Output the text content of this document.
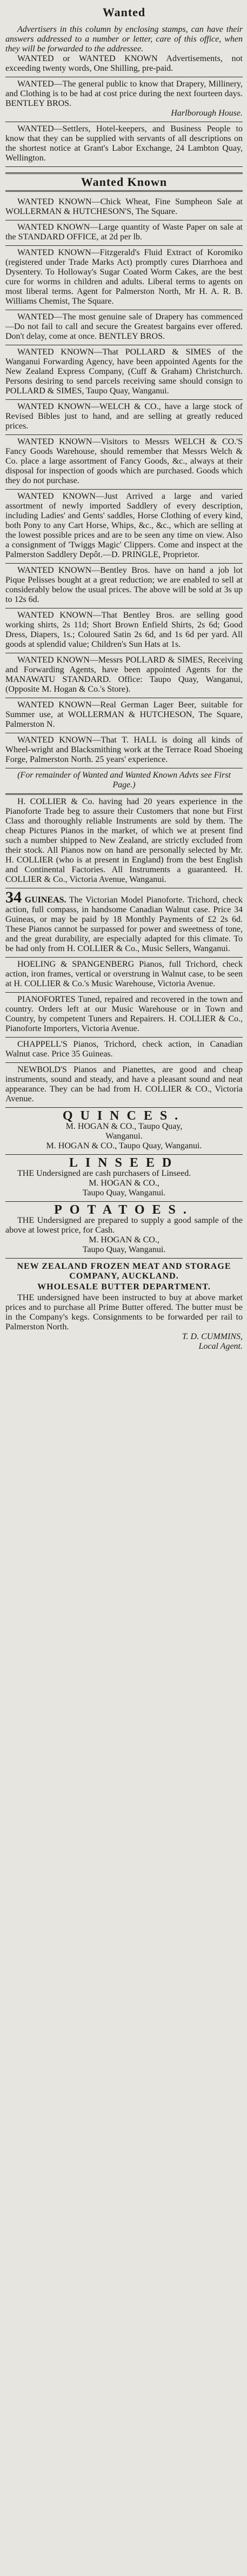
Wanted

Advertisers in this column by enclosing stamps, can have their answers addressed to a number or letter, care of this office, when they will be forwarded to the addressee.

WANTED or WANTED KNOWN Advertisements, not exceeding twenty words, One Shilling, pre-paid.

WANTED—The general public to know that Drapery, Millinery, and Clothing is to be had at cost price during the next fourteen days. BENTLEY BROS.

Harlborough House.

WANTED—Settlers, Hotel-keepers, and Business People to know that they can be supplied with servants of all descriptions on the shortest notice at Grant's Labor Exchange, 24 Lambton Quay, Wellington.

Wanted Known

WANTED KNOWN—Chick Wheat, Fine Sumpheon Sale at WOLLERMAN & HUTCHESON'S, The Square.

WANTED KNOWN—Large quantity of Waste Paper on sale at the STANDARD OFFICE, at 2d per lb.

WANTED KNOWN—Fitzgerald's Fluid Extract of Koromiko (registered under Trade Marks Act) promptly cures Diarrhoea and Dysentery. To Holloway's Sugar Coated Worm Cakes, are the best cure for worms in children and adults. Liberal terms to agents on most liberal terms. Agent for Palmerston North, Mr H. A. R. B. Williams Chemist, The Square.

WANTED—The most genuine sale of Drapery has commenced—Do not fail to call and secure the Greatest bargains ever offered. Don't delay, come at once. BENTLEY BROS.

WANTED KNOWN—That POLLARD & SIMES of the Wanganui Forwarding Agency, have been appointed Agents for the New Zealand Express Company, (Cuff & Graham) Christchurch. Persons desiring to send parcels receiving same should consign to POLLARD & SIMES, Taupo Quay, Wanganui.

WANTED KNOWN—WELCH & CO., have a large stock of Revised Bibles just to hand, and are selling at greatly reduced prices.

WANTED KNOWN—Visitors to Messrs WELCH & CO.'S Fancy Goods Warehouse, should remember that Messrs Welch & Co. place a large assortment of Fancy Goods, &c., always at their disposal for inspection of goods which are purchased. Goods which they do not purchase.

WANTED KNOWN—Just Arrived a large and varied assortment of newly imported Saddlery of every description, including Ladies' and Gents' saddles, Horse Clothing of every kind, both Pony to any Cart Horse, Whips, &c., &c., which are selling at the lowest possible prices and are to be seen any time on view. Also a consignment of 'Twiggs Magic' Clippers. Come and inspect at the Palmerston Saddlery Depôt.—D. PRINGLE, Proprietor.

WANTED KNOWN—Bentley Bros. have on hand a job lot Pique Pelisses bought at a great reduction; we are enabled to sell at considerably below the usual prices. The above will be sold at 3s up to 12s 6d.

WANTED KNOWN—That Bentley Bros. are selling good working shirts, 2s 11d; Short Brown Enfield Shirts, 2s 6d; Good Dress, Diapers, 1s.; Coloured Satin 2s 6d, and 1s 6d per yard. All goods at splendid value; Children's Sun Hats at 1s.

WANTED KNOWN—Messrs POLLARD & SIMES, Receiving and Forwarding Agents, have been appointed Agents for the MANAWATU STANDARD. Office: Taupo Quay, Wanganui, (Opposite M. Hogan & Co.'s Store).

WANTED KNOWN—Real German Lager Beer, suitable for Summer use, at WOLLERMAN & HUTCHESON, The Square, Palmerston N.

WANTED KNOWN—That T. HALL is doing all kinds of Wheel-wright and Blacksmithing work at the Terrace Road Shoeing Forge, Palmerston North. 25 years' experience.

(For remainder of Wanted and Wanted Known Advts see First Page.)

H. COLLIER & Co. having had 20 years experience in the Pianoforte Trade beg to assure their Customers that none but First Class and thoroughly reliable Instruments are sold by them. The cheap Pictures Pianos in the market, of which we at present find such a number shipped to New Zealand, are strictly excluded from their stock. All Pianos now on hand are personally selected by Mr. H. COLLIER (who is at present in England) from the best English and Continental Factories. All Instruments a guaranteed. H. COLLIER & Co., Victoria Avenue, Wanganui.

34 GUINEAS. The Victorian Model Pianoforte. Trichord, check action, full compass, in handsome Canadian Walnut case. Price 34 Guineas, or may be paid by 18 Monthly Payments of £2 2s 6d. These Pianos cannot be surpassed for power and sweetness of tone, and the great durability, are especially adapted for this climate. To be had only from H. COLLIER & Co., Music Sellers, Wanganui.

HOELING & SPANGENBERG Pianos, full Trichord, check action, iron frames, vertical or overstrung in Walnut case, to be seen at H. COLLIER & Co.'s Music Warehouse, Victoria Avenue.

PIANOFORTES Tuned, repaired and recovered in the town and country. Orders left at our Music Warehouse or in Town and Country, by competent Tuners and Repairers. H. COLLIER & Co., Pianoforte Importers, Victoria Avenue.

CHAPPELL'S Pianos, Trichord, check action, in Canadian Walnut case. Price 35 Guineas.

NEWBOLD'S Pianos and Pianettes, are good and cheap instruments, sound and steady, and have a pleasant sound and neat appearance. They can be had from H. COLLIER & CO., Victoria Avenue.

QUINCES.

M. HOGAN & CO., Taupo Quay,

Wanganui.

M. HOGAN & CO., Taupo Quay, Wanganui.

LINSEED

THE Undersigned are cash purchasers of Linseed.

M. HOGAN & CO.,

Taupo Quay, Wanganui.

POTATOES.

THE Undersigned are prepared to supply a good sample of the above at lowest price, for Cash.

M. HOGAN & CO.,

Taupo Quay, Wanganui.

NEW ZEALAND FROZEN MEAT AND STORAGE COMPANY, AUCKLAND.
WHOLESALE BUTTER DEPARTMENT.

THE undersigned have been instructed to buy at above market prices and to purchase all Prime Butter offered. The butter must be in the Company's kegs. Consignments to be forwarded per rail to Palmerston North.

T. D. CUMMINS,

Local Agent.
